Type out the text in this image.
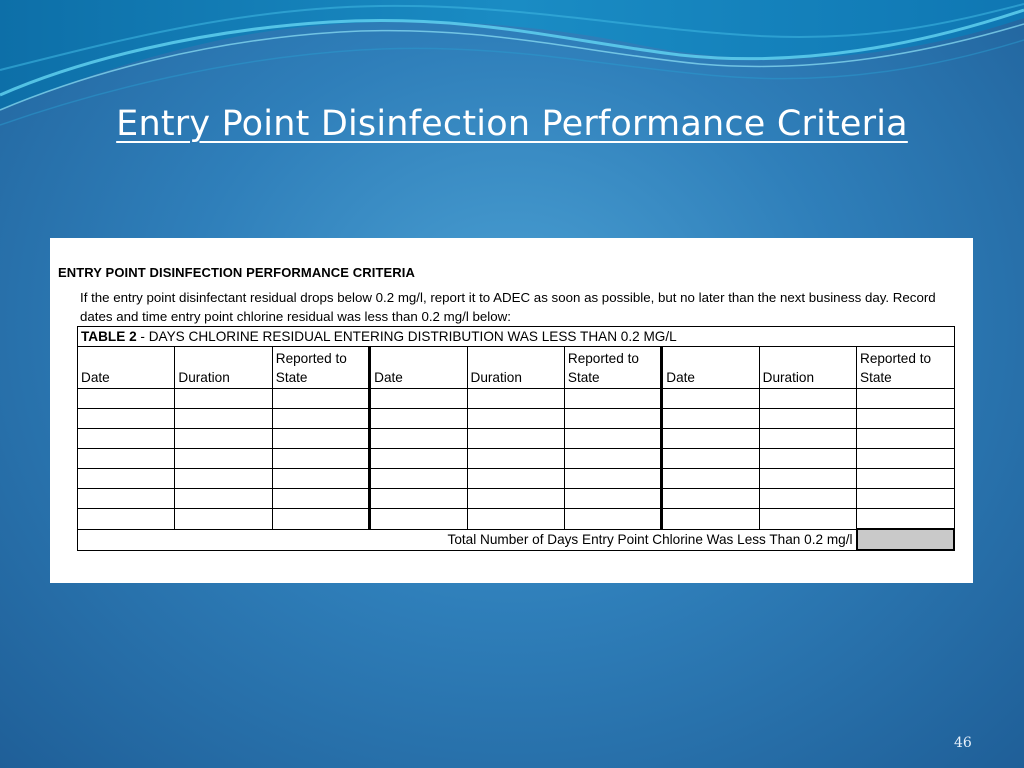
Entry Point Disinfection Performance Criteria
ENTRY POINT DISINFECTION PERFORMANCE CRITERIA
If the entry point disinfectant residual drops below 0.2 mg/l, report it to ADEC as soon as possible, but no later than the next business day. Record dates and time entry point chlorine residual was less than 0.2 mg/l below:
TABLE 2 - DAYS CHLORINE RESIDUAL ENTERING DISTRIBUTION WAS LESS THAN 0.2 MG/L								
Date	Duration	Reported to State	Date	Duration	Reported to State	Date	Duration	Reported to State

Total Number of Days Entry Point Chlorine Was Less Than 0.2 mg/l								
46
